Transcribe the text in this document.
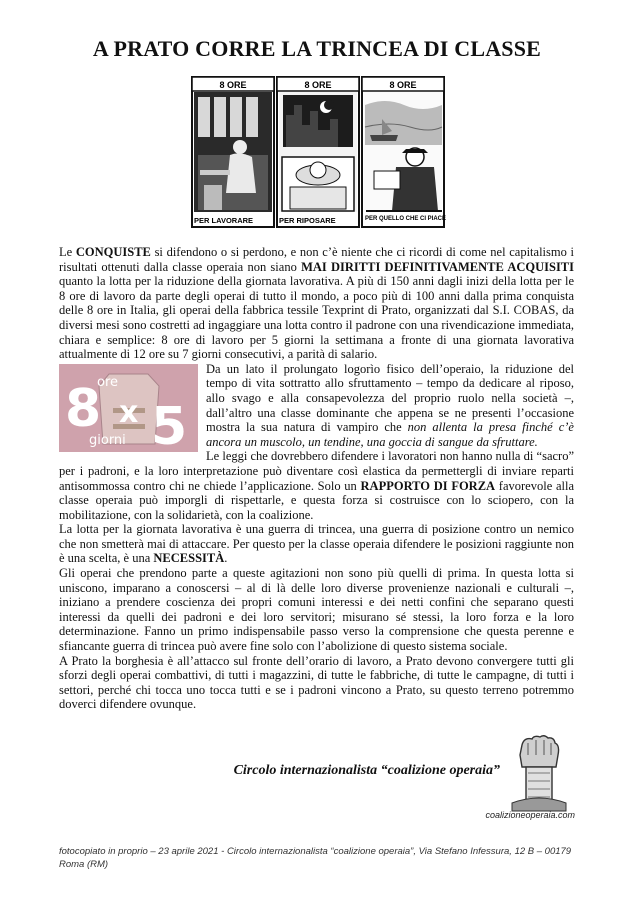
A PRATO CORRE LA TRINCEA DI CLASSE
8 ORE	8 ORE	8 ORE
PER LAVORARE	PER RIPOSARE	PER QUELLO CHE CI PIACE

Le CONQUISTE si difendono o si perdono, e non c’è niente che ci ricordi di come nel capitalismo i risultati ottenuti dalla classe operaia non siano MAI DIRITTI DEFINITIVAMENTE ACQUISITI quanto la lotta per la riduzione della giornata lavorativa. A più di 150 anni dagli inizi della lotta per le 8 ore di lavoro da parte degli operai di tutto il mondo, a poco più di 100 anni dalla prima conquista delle 8 ore in Italia, gli operai della fabbrica tessile Texprint di Prato, organizzati dal S.I. COBAS, da diversi mesi sono costretti ad ingaggiare una lotta contro il padrone con una rivendicazione immediata, chiara e semplice: 8 ore di lavoro per 5 giorni la settimana a fronte di una giornata lavorativa attualmente di 12 ore su 7 giorni consecutivi, a parità di salario.

8
ore
x 5
giorni

Da un lato il prolungato logorìo fisico dell’operaio, la riduzione del tempo di vita sottratto allo sfruttamento – tempo da dedicare al riposo, allo svago e alla consapevolezza del proprio ruolo nella società –, dall’altro una classe dominante che appena se ne presenti l’occasione mostra la sua natura di vampiro che non allenta la presa finché c’è ancora un muscolo, un tendine, una goccia di sangue da sfruttare.

Le leggi che dovrebbero difendere i lavoratori non hanno nulla di “sacro” per i padroni, e la loro interpretazione può diventare così elastica da permettergli di inviare reparti antisommossa contro chi ne chiede l’applicazione. Solo un RAPPORTO DI FORZA favorevole alla classe operaia può imporgli di rispettarle, e questa forza si costruisce con lo sciopero, con la mobilitazione, con la solidarietà, con la coalizione.

La lotta per la giornata lavorativa è una guerra di trincea, una guerra di posizione contro un nemico che non smetterà mai di attaccare. Per questo per la classe operaia difendere le posizioni raggiunte non è una scelta, è una NECESSITÀ.

Gli operai che prendono parte a queste agitazioni non sono più quelli di prima. In questa lotta si uniscono, imparano a conoscersi – al di là delle loro diverse provenienze nazionali e culturali –, iniziano a prendere coscienza dei propri comuni interessi e dei netti confini che separano questi interessi da quelli dei padroni e dei loro servitori; misurano sé stessi, la loro forza e la loro determinazione. Fanno un primo indispensabile passo verso la comprensione che questa perenne e sfiancante guerra di trincea può avere fine solo con l’abolizione di questo sistema sociale.

A Prato la borghesia è all’attacco sul fronte dell’orario di lavoro, a Prato devono convergere tutti gli sforzi degli operai combattivi, di tutti i magazzini, di tutte le fabbriche, di tutte le campagne, di tutti i settori, perché chi tocca uno tocca tutti e se i padroni vincono a Prato, su questo terreno potremmo doverci difendere ovunque.

Circolo internazionalista “coalizione operaia”
coalizioneoperaia.com
fotocopiato in proprio – 23 aprile 2021 - Circolo internazionalista “coalizione operaia”, Via Stefano Infessura, 12 B – 00179 Roma (RM)
